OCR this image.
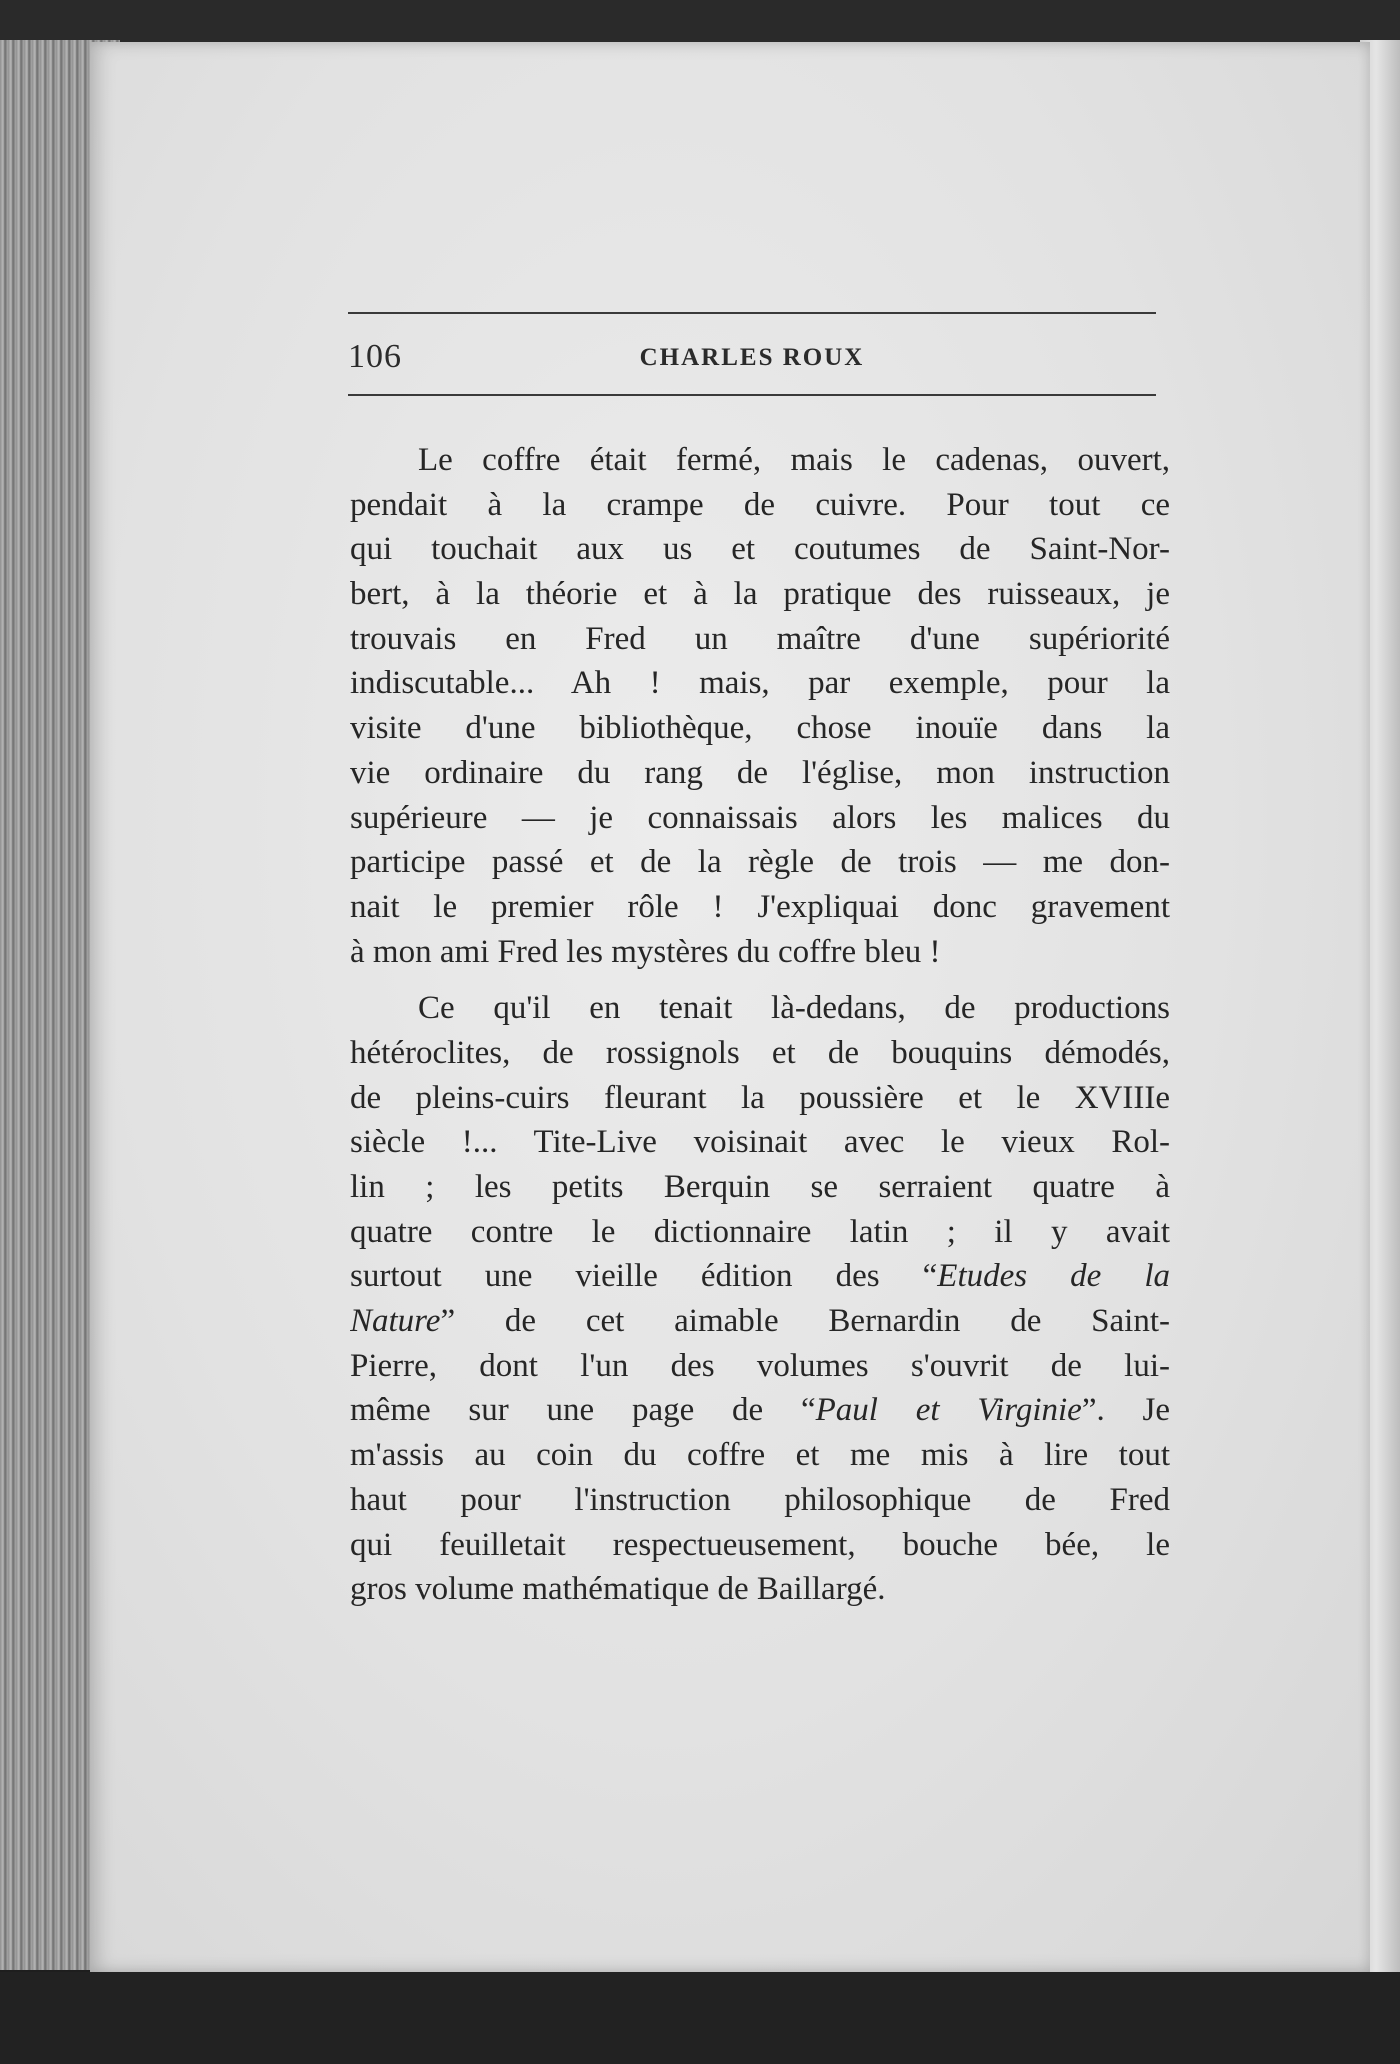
106	CHARLES ROUX

Le coffre était fermé, mais le cadenas, ouvert,
pendait à la crampe de cuivre. Pour tout ce
qui touchait aux us et coutumes de Saint-Nor-
bert, à la théorie et à la pratique des ruisseaux, je
trouvais en Fred un maître d'une supériorité
indiscutable... Ah ! mais, par exemple, pour la
visite d'une bibliothèque, chose inouïe dans la
vie ordinaire du rang de l'église, mon instruction
supérieure — je connaissais alors les malices du
participe passé et de la règle de trois — me don-
nait le premier rôle ! J'expliquai donc gravement
à mon ami Fred les mystères du coffre bleu !

Ce qu'il en tenait là-dedans, de productions
hétéroclites, de rossignols et de bouquins démodés,
de pleins-cuirs fleurant la poussière et le XVIIIe
siècle !... Tite-Live voisinait avec le vieux Rol-
lin ; les petits Berquin se serraient quatre à
quatre contre le dictionnaire latin ; il y avait
surtout une vieille édition des “Etudes de la
Nature” de cet aimable Bernardin de Saint-
Pierre, dont l'un des volumes s'ouvrit de lui-
même sur une page de “Paul et Virginie”. Je
m'assis au coin du coffre et me mis à lire tout
haut pour l'instruction philosophique de Fred
qui feuilletait respectueusement, bouche bée, le
gros volume mathématique de Baillargé.
